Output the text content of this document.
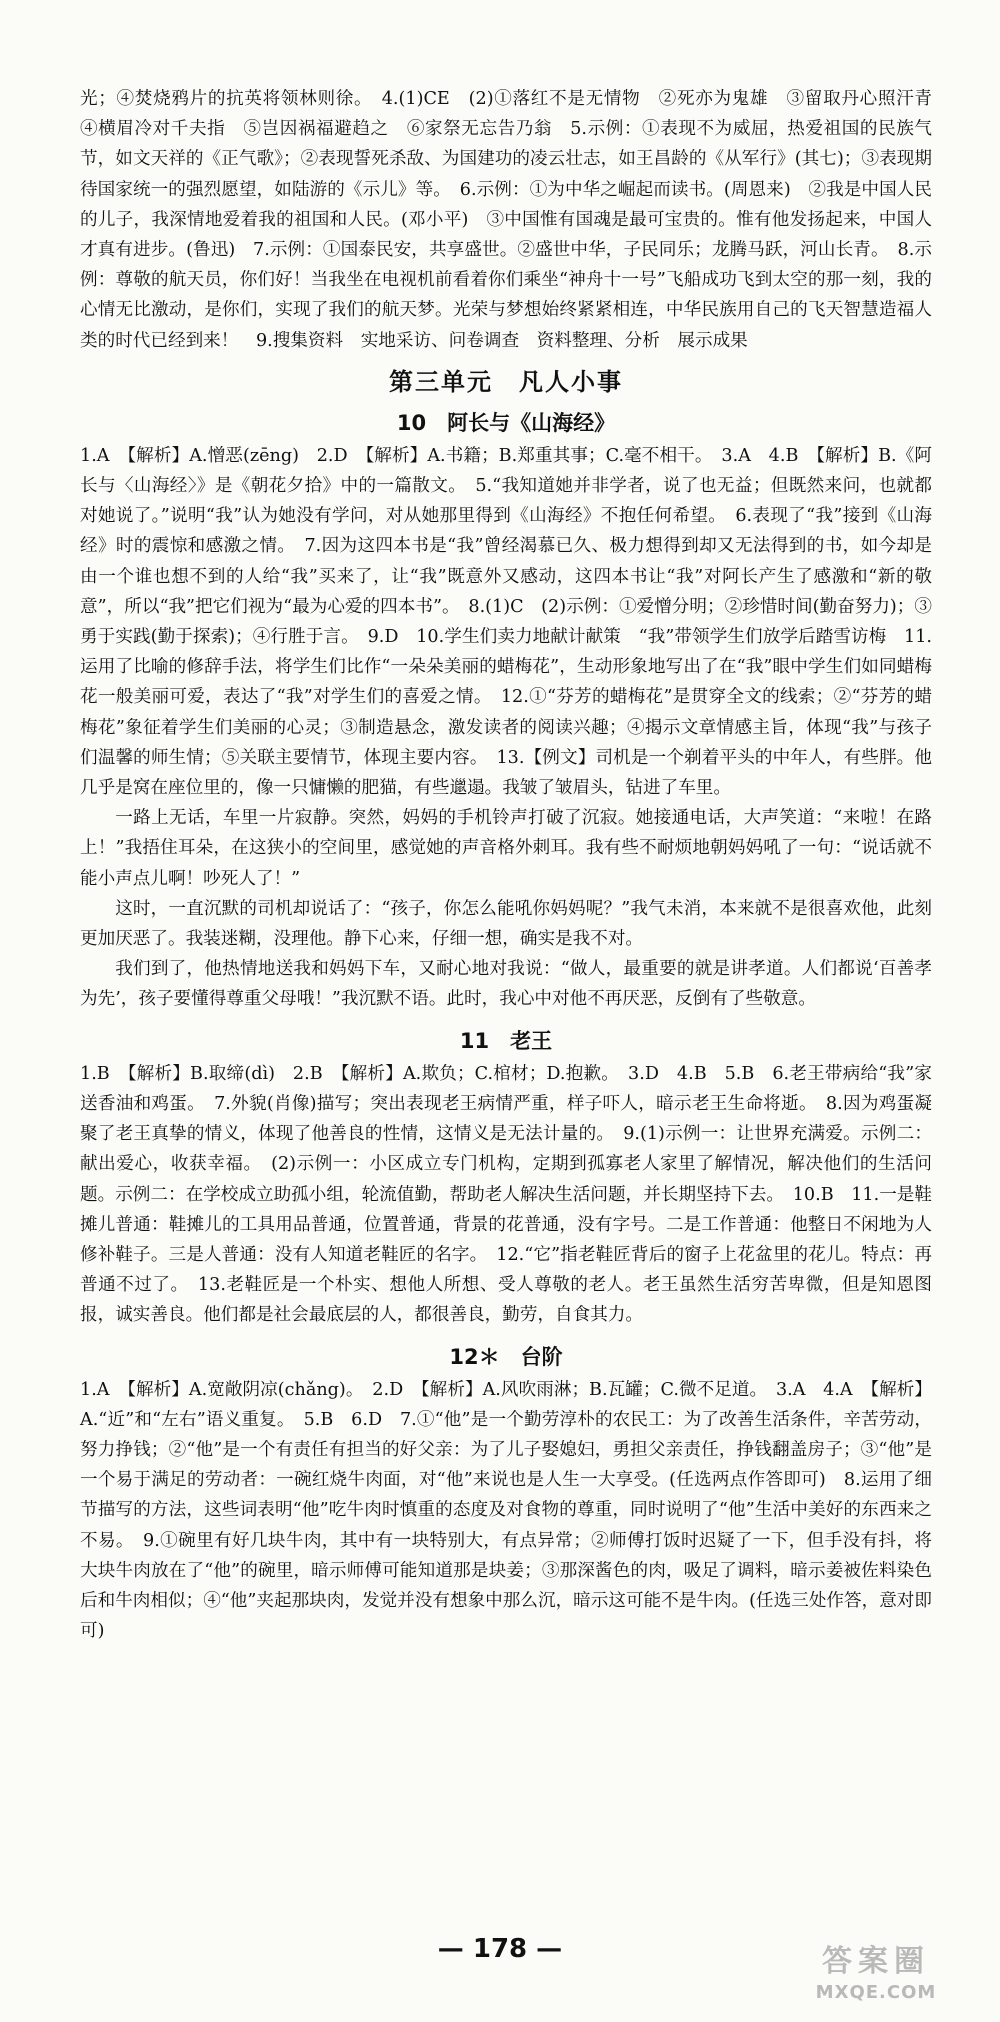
光；④焚烧鸦片的抗英将领林则徐。　4.(1)CE　(2)①落红不是无情物　②死亦为鬼雄　③留取丹心照汗青　④横眉冷对千夫指　⑤岂因祸福避趋之　⑥家祭无忘告乃翁　5.示例：①表现不为威屈，热爱祖国的民族气节，如文天祥的《正气歌》；②表现誓死杀敌、为国建功的凌云壮志，如王昌龄的《从军行》(其七)；③表现期待国家统一的强烈愿望，如陆游的《示儿》等。　6.示例：①为中华之崛起而读书。(周恩来)　②我是中国人民的儿子，我深情地爱着我的祖国和人民。(邓小平)　③中国惟有国魂是最可宝贵的。惟有他发扬起来，中国人才真有进步。(鲁迅)　7.示例：①国泰民安，共享盛世。②盛世中华，子民同乐；龙腾马跃，河山长青。　8.示例：尊敬的航天员，你们好！当我坐在电视机前看着你们乘坐“神舟十一号”飞船成功飞到太空的那一刻，我的心情无比激动，是你们，实现了我们的航天梦。光荣与梦想始终紧紧相连，中华民族用自己的飞天智慧造福人类的时代已经到来！　9.搜集资料　实地采访、问卷调查　资料整理、分析　展示成果

第三单元　凡人小事
10　阿长与《山海经》

1.A　【解析】A.憎恶(zēng)　2.D　【解析】A.书籍；B.郑重其事；C.毫不相干。　3.A　4.B　【解析】B.《阿长与〈山海经〉》是《朝花夕拾》中的一篇散文。　5.“我知道她并非学者，说了也无益；但既然来问，也就都对她说了。”说明“我”认为她没有学问，对从她那里得到《山海经》不抱任何希望。　6.表现了“我”接到《山海经》时的震惊和感激之情。　7.因为这四本书是“我”曾经渴慕已久、极力想得到却又无法得到的书，如今却是由一个谁也想不到的人给“我”买来了，让“我”既意外又感动，这四本书让“我”对阿长产生了感激和“新的敬意”，所以“我”把它们视为“最为心爱的四本书”。　8.(1)C　(2)示例：①爱憎分明；②珍惜时间(勤奋努力)；③勇于实践(勤于探索)；④行胜于言。　9.D　10.学生们卖力地献计献策　“我”带领学生们放学后踏雪访梅　11.运用了比喻的修辞手法，将学生们比作“一朵朵美丽的蜡梅花”，生动形象地写出了在“我”眼中学生们如同蜡梅花一般美丽可爱，表达了“我”对学生们的喜爱之情。　12.①“芬芳的蜡梅花”是贯穿全文的线索；②“芬芳的蜡梅花”象征着学生们美丽的心灵；③制造悬念，激发读者的阅读兴趣；④揭示文章情感主旨，体现“我”与孩子们温馨的师生情；⑤关联主要情节，体现主要内容。　13.【例文】司机是一个剃着平头的中年人，有些胖。他几乎是窝在座位里的，像一只慵懒的肥猫，有些邋遢。我皱了皱眉头，钻进了车里。

一路上无话，车里一片寂静。突然，妈妈的手机铃声打破了沉寂。她接通电话，大声笑道：“来啦！在路上！”我捂住耳朵，在这狭小的空间里，感觉她的声音格外刺耳。我有些不耐烦地朝妈妈吼了一句：“说话就不能小声点儿啊！吵死人了！”

这时，一直沉默的司机却说话了：“孩子，你怎么能吼你妈妈呢？”我气未消，本来就不是很喜欢他，此刻更加厌恶了。我装迷糊，没理他。静下心来，仔细一想，确实是我不对。

我们到了，他热情地送我和妈妈下车，又耐心地对我说：“做人，最重要的就是讲孝道。人们都说‘百善孝为先’，孩子要懂得尊重父母哦！”我沉默不语。此时，我心中对他不再厌恶，反倒有了些敬意。

11　老王

1.B　【解析】B.取缔(dì)　2.B　【解析】A.欺负；C.棺材；D.抱歉。　3.D　4.B　5.B　6.老王带病给“我”家送香油和鸡蛋。　7.外貌(肖像)描写；突出表现老王病情严重，样子吓人，暗示老王生命将逝。　8.因为鸡蛋凝聚了老王真挚的情义，体现了他善良的性情，这情义是无法计量的。　9.(1)示例一：让世界充满爱。示例二：献出爱心，收获幸福。　(2)示例一：小区成立专门机构，定期到孤寡老人家里了解情况，解决他们的生活问题。示例二：在学校成立助孤小组，轮流值勤，帮助老人解决生活问题，并长期坚持下去。　10.B　11.一是鞋摊儿普通：鞋摊儿的工具用品普通，位置普通，背景的花普通，没有字号。二是工作普通：他整日不闲地为人修补鞋子。三是人普通：没有人知道老鞋匠的名字。　12.“它”指老鞋匠背后的窗子上花盆里的花儿。特点：再普通不过了。　13.老鞋匠是一个朴实、想他人所想、受人尊敬的老人。老王虽然生活穷苦卑微，但是知恩图报，诚实善良。他们都是社会最底层的人，都很善良，勤劳，自食其力。

12＊　台阶

1.A　【解析】A.宽敞阴凉(chǎng)。　2.D　【解析】A.风吹雨淋；B.瓦罐；C.微不足道。　3.A　4.A　【解析】A.“近”和“左右”语义重复。　5.B　6.D　7.①“他”是一个勤劳淳朴的农民工：为了改善生活条件，辛苦劳动，努力挣钱；②“他”是一个有责任有担当的好父亲：为了儿子娶媳妇，勇担父亲责任，挣钱翻盖房子；③“他”是一个易于满足的劳动者：一碗红烧牛肉面，对“他”来说也是人生一大享受。(任选两点作答即可)　8.运用了细节描写的方法，这些词表明“他”吃牛肉时慎重的态度及对食物的尊重，同时说明了“他”生活中美好的东西来之不易。　9.①碗里有好几块牛肉，其中有一块特别大，有点异常；②师傅打饭时迟疑了一下，但手没有抖，将大块牛肉放在了“他”的碗里，暗示师傅可能知道那是块姜；③那深酱色的肉，吸足了调料，暗示姜被佐料染色后和牛肉相似；④“他”夹起那块肉，发觉并没有想象中那么沉，暗示这可能不是牛肉。(任选三处作答，意对即可)

— 178 —	答案圈
MXQE.COM
